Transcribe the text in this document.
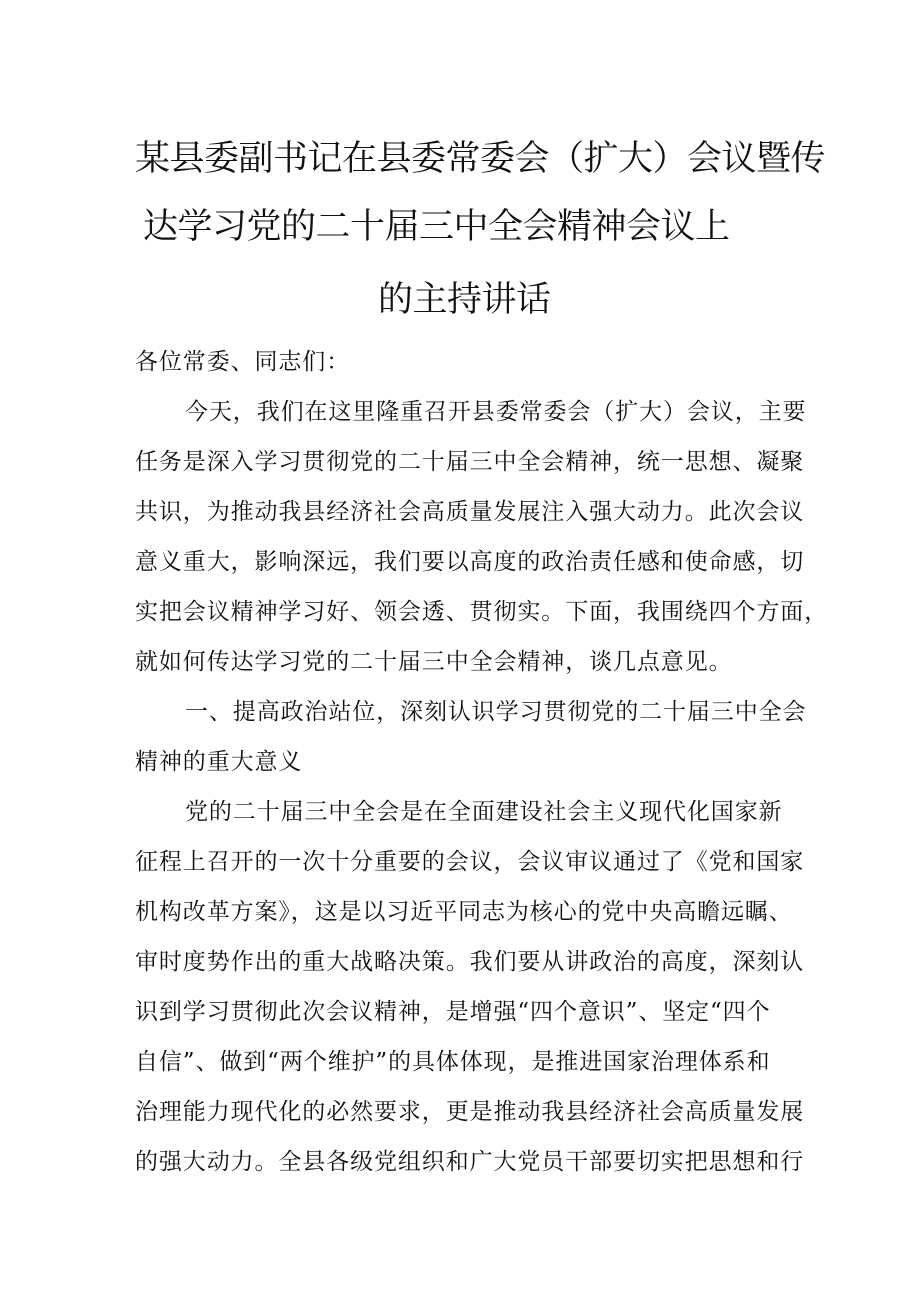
某县委副书记在县委常委会（扩大）会议暨传
达学习党的二十届三中全会精神会议上
的主持讲话
各位常委、同志们：
今天，我们在这里隆重召开县委常委会（扩大）会议，主要
任务是深入学习贯彻党的二十届三中全会精神，统一思想、凝聚
共识，为推动我县经济社会高质量发展注入强大动力。此次会议
意义重大，影响深远，我们要以高度的政治责任感和使命感，切
实把会议精神学习好、领会透、贯彻实。下面，我围绕四个方面，
就如何传达学习党的二十届三中全会精神，谈几点意见。
一、提高政治站位，深刻认识学习贯彻党的二十届三中全会
精神的重大意义
党的二十届三中全会是在全面建设社会主义现代化国家新
征程上召开的一次十分重要的会议，会议审议通过了《党和国家
机构改革方案》，这是以习近平同志为核心的党中央高瞻远瞩、
审时度势作出的重大战略决策。我们要从讲政治的高度，深刻认
识到学习贯彻此次会议精神，是增强“四个意识”、坚定“四个
自信”、做到“两个维护”的具体体现，是推进国家治理体系和
治理能力现代化的必然要求，更是推动我县经济社会高质量发展
的强大动力。全县各级党组织和广大党员干部要切实把思想和行
